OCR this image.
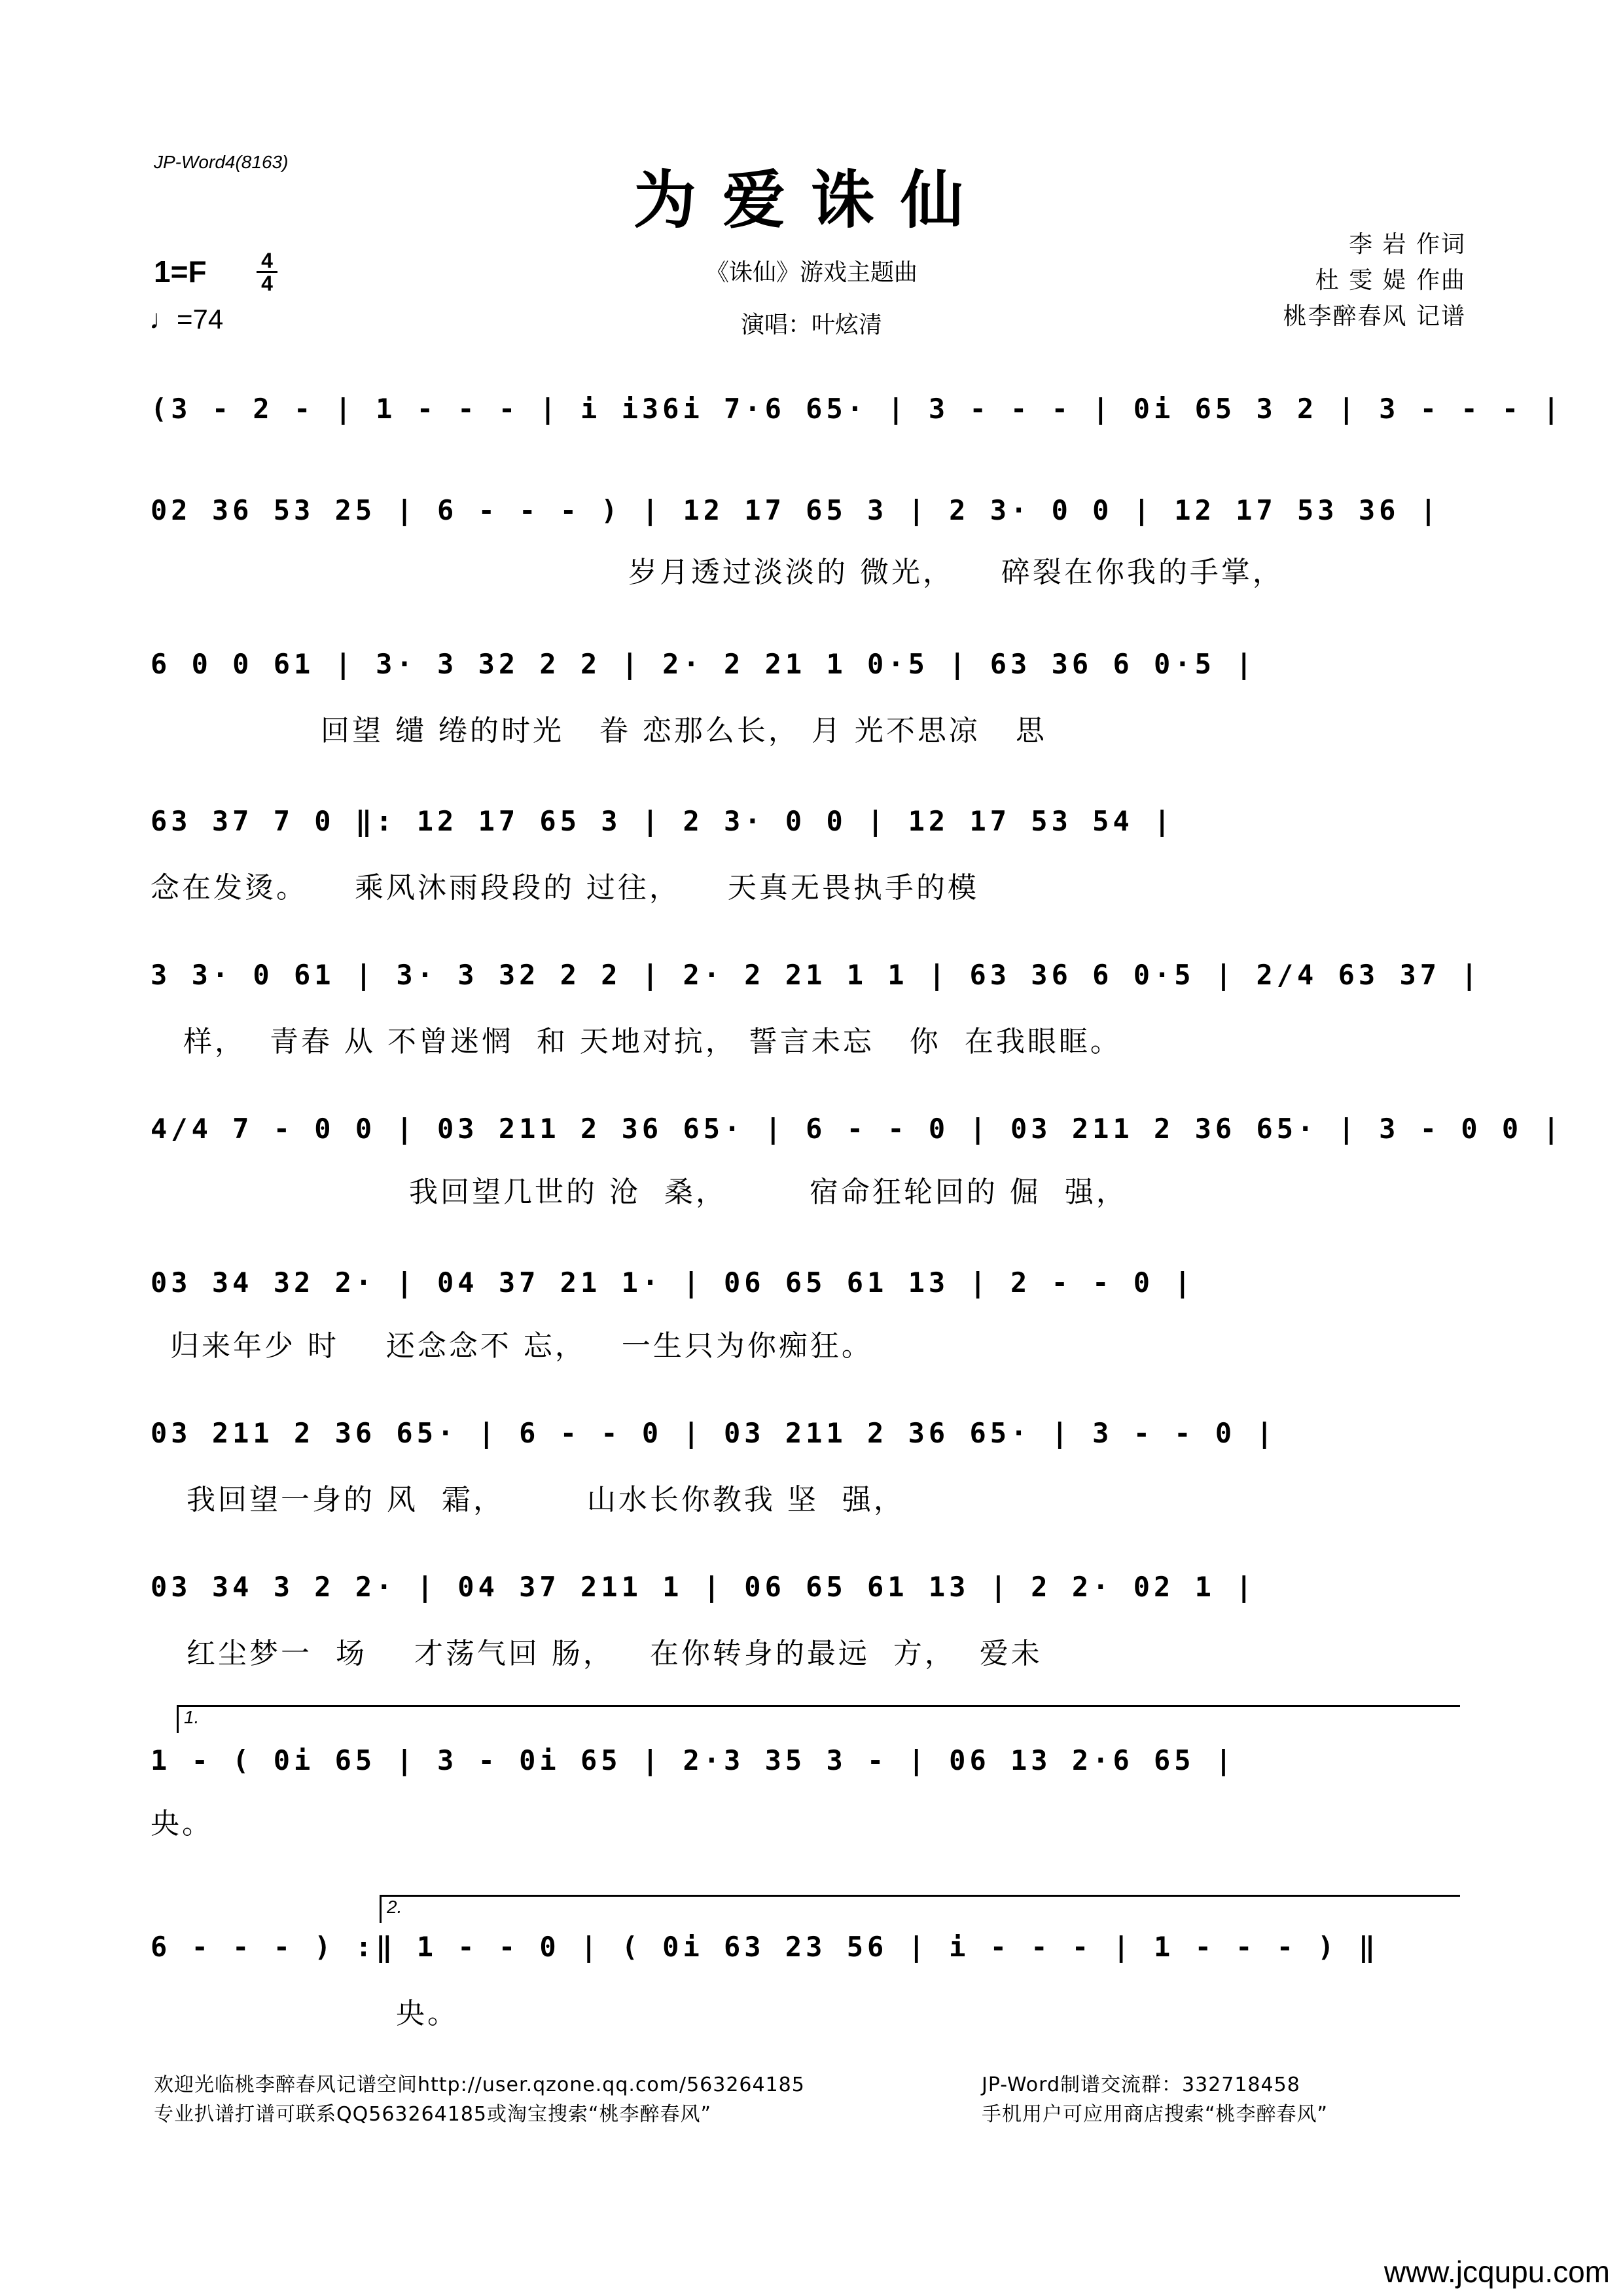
JP-Word4(8163)
为爱诛仙
《诛仙》游戏主题曲
演唱：叶炫清
1=F	4
4
♩=74
李 岩 作词
杜 雯 媞 作曲
桃李醉春风 记谱
(3 - 2 - | 1 - - - | i i36i 7·6 65· | 3 - - - | 0i 65 3 2 | 3 - - - |
02 36 53 25 | 6 - - - ) | 12 17 65 3 | 2 3· 0 0 | 12 17 53 36 |
岁月透过淡淡的 微光，    碎裂在你我的手掌，
6 0 0 61 | 3· 3 32 2 2 | 2· 2 21 1 0·5 | 63 36 6 0·5 |
回望 缱 绻的时光   眷 恋那么长， 月 光不思凉   思
63 37 7 0 ‖: 12 17 65 3 | 2 3· 0 0 | 12 17 53 54 |
念在发烫。    乘风沐雨段段的 过往，    天真无畏执手的模
3 3· 0 61 | 3· 3 32 2 2 | 2· 2 21 1 1 | 63 36 6 0·5 | 2/4 63 37 |
样，  青春 从 不曾迷惘  和 天地对抗， 誓言未忘   你  在我眼眶。
4/4 7 - 0 0 | 03 211 2 36 65· | 6 - - 0 | 03 211 2 36 65· | 3 - 0 0 |
我回望几世的 沧  桑，       宿命狂轮回的 倔  强，
03 34 32 2· | 04 37 21 1· | 06 65 61 13 | 2 - - 0 |
归来年少 时    还念念不 忘，   一生只为你痴狂。
03 211 2 36 65· | 6 - - 0 | 03 211 2 36 65· | 3 - - 0 |
我回望一身的 风  霜，       山水长你教我 坚  强，
03 34 3 2 2· | 04 37 211 1 | 06 65 61 13 | 2 2· 02 1 |
红尘梦一  场    才荡气回 肠，   在你转身的最远  方，  爱未
1.
1 - ( 0i 65 | 3 - 0i 65 | 2·3 35 3 - | 06 13 2·6 65 |
央。
2.
6 - - - ) :‖ 1 - - 0 | ( 0i 63 23 56 | i - - - | 1 - - - ) ‖
央。
欢迎光临桃李醉春风记谱空间http://user.qzone.qq.com/563264185	JP-Word制谱交流群：332718458
专业扒谱打谱可联系QQ563264185或淘宝搜索“桃李醉春风”	手机用户可应用商店搜索“桃李醉春风”
www.jcqupu.com
